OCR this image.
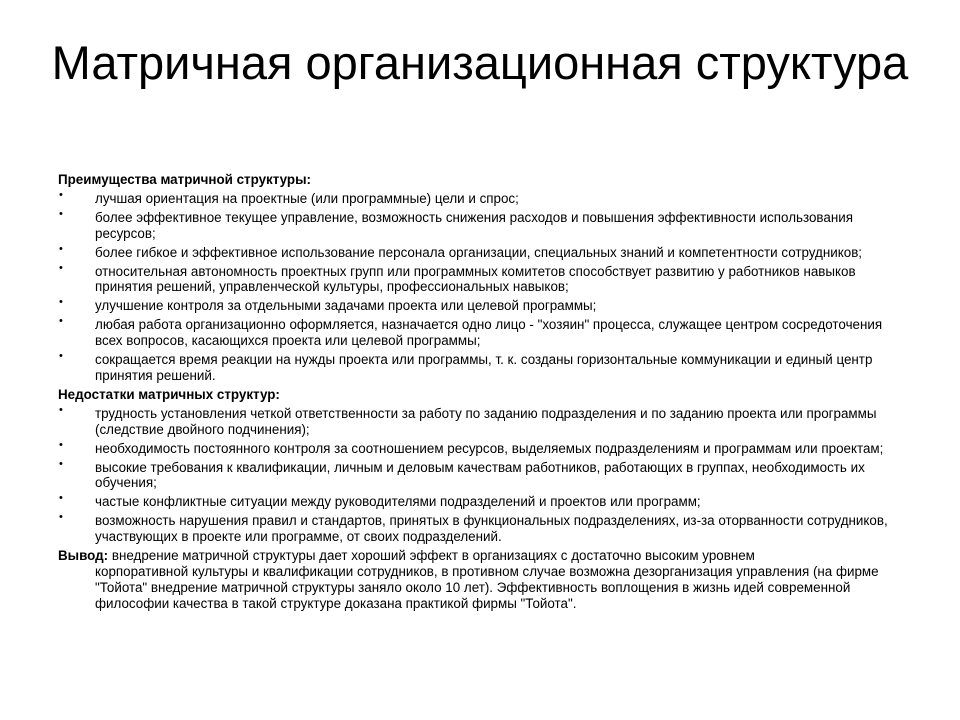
Матричная организационная структура
Преимущества матричной структуры:
• лучшая ориентация на проектные (или программные) цели и спрос;
• более эффективное текущее управление, возможность снижения расходов и повышения эффективности использования ресурсов;
• более гибкое и эффективное использование персонала организации, специальных знаний и компетентности сотрудников;
• относительная автономность проектных групп или программных комитетов способствует развитию у работников навыков принятия решений, управленческой культуры, профессиональных навыков;
• улучшение контроля за отдельными задачами проекта или целевой программы;
• любая работа организационно оформляется, назначается одно лицо - "хозяин" процесса, служащее центром сосредоточения всех вопросов, касающихся проекта или целевой программы;
• сокращается время реакции на нужды проекта или программы, т. к. созданы горизонтальные коммуникации и единый центр принятия решений.
Недостатки матричных структур:
• трудность установления четкой ответственности за работу по заданию подразделения и по заданию проекта или программы (следствие двойного подчинения);
• необходимость постоянного контроля за соотношением ресурсов, выделяемых подразделениям и программам или проектам;
• высокие требования к квалификации, личным и деловым качествам работников, работающих в группах, необходимость их обучения;
• частые конфликтные ситуации между руководителями подразделений и проектов или программ;
• возможность нарушения правил и стандартов, принятых в функциональных подразделениях, из-за оторванности сотрудников, участвующих в проекте или программе, от своих подразделений.
Вывод: внедрение матричной структуры дает хороший эффект в организациях с достаточно высоким уровнем
корпоративной культуры и квалификации сотрудников, в противном случае возможна дезорганизация управления (на фирме "Тойота" внедрение матричной структуры заняло около 10 лет). Эффективность воплощения в жизнь идей современной философии качества в такой структуре доказана практикой фирмы "Тойота".
